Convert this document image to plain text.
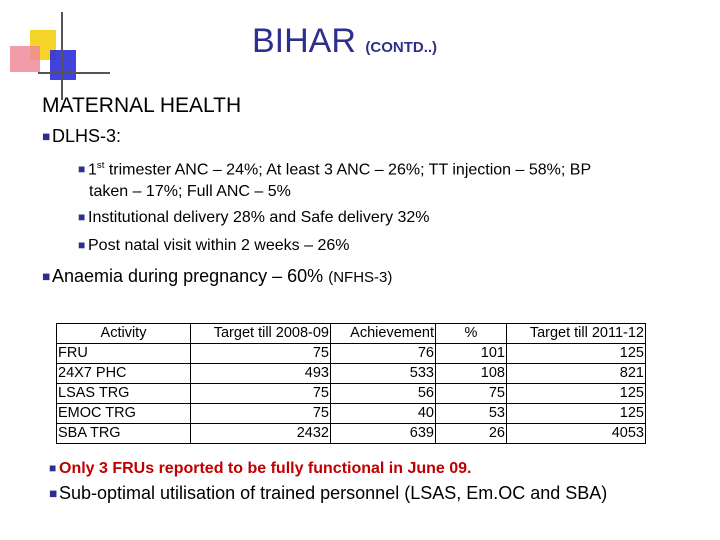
BIHAR (CONTD..)
MATERNAL HEALTH
■ DLHS-3:
■ 1st trimester ANC – 24%; At least 3 ANC – 26%; TT injection – 58%; BP
taken – 17%; Full ANC – 5%
■ Institutional delivery 28% and Safe delivery 32%
■ Post natal visit within 2 weeks – 26%
■ Anaemia during pregnancy – 60% (NFHS-3)
Activity	Target till 2008-09	Achievement	%	Target till 2011-12
FRU	75	76	101	125
24X7 PHC	493	533	108	821
LSAS TRG	75	56	75	125
EMOC TRG	75	40	53	125
SBA TRG	2432	639	26	4053
■ Only 3 FRUs reported to be fully functional in June 09.
■ Sub-optimal utilisation of trained personnel (LSAS, Em.OC and SBA)
